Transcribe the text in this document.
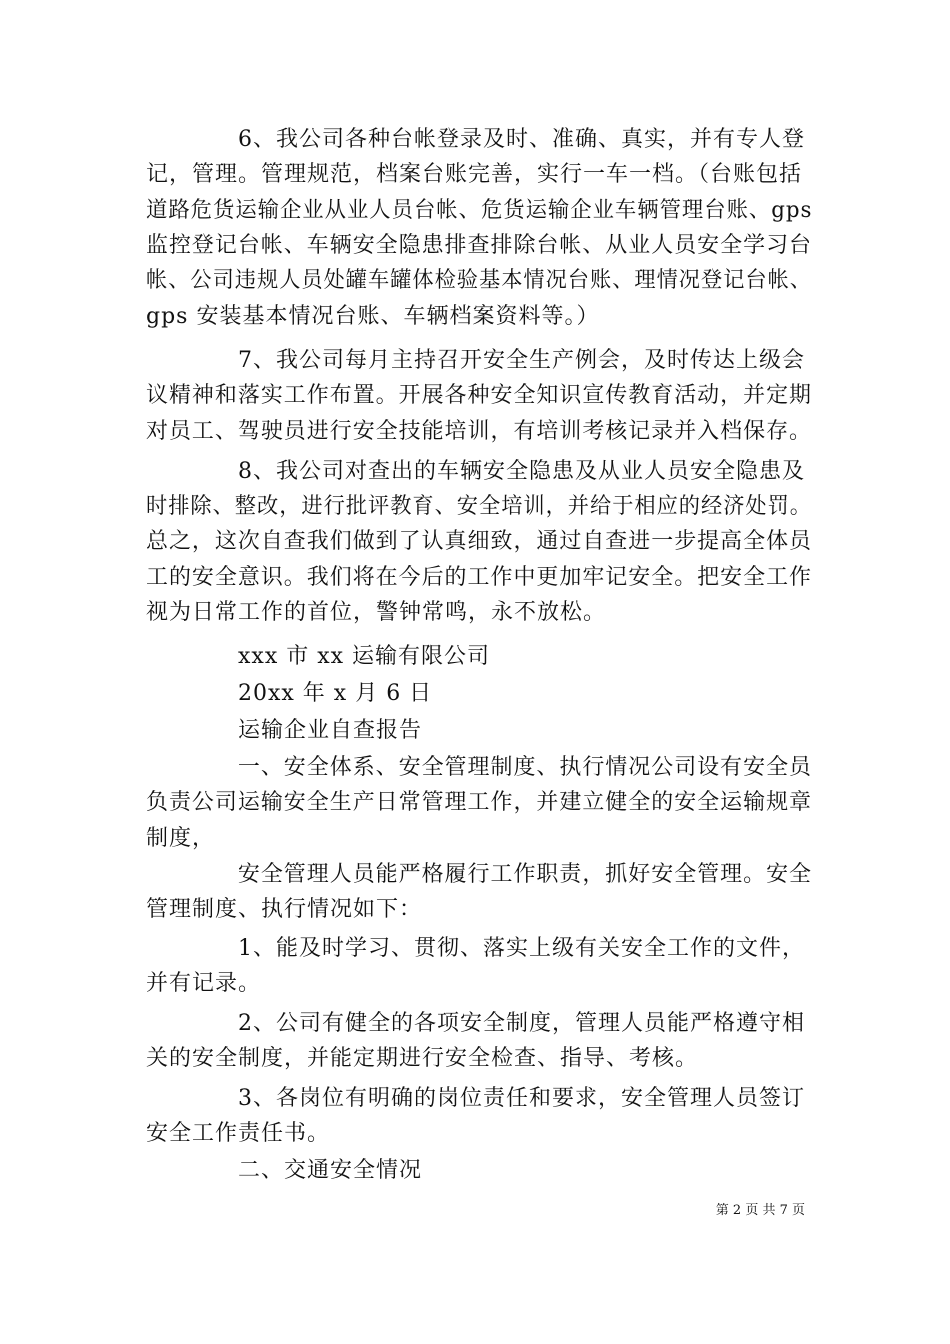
　　　　6、我公司各种台帐登录及时、准确、真实，并有专人登
记，管理。管理规范，档案台账完善，实行一车一档。（台账包括
道路危货运输企业从业人员台帐、危货运输企业车辆管理台账、gps
监控登记台帐、车辆安全隐患排查排除台帐、从业人员安全学习台
帐、公司违规人员处罐车罐体检验基本情况台账、理情况登记台帐、
gps 安装基本情况台账、车辆档案资料等。）
　　　　7、我公司每月主持召开安全生产例会，及时传达上级会
议精神和落实工作布置。开展各种安全知识宣传教育活动，并定期
对员工、驾驶员进行安全技能培训，有培训考核记录并入档保存。
　　　　8、我公司对查出的车辆安全隐患及从业人员安全隐患及
时排除、整改，进行批评教育、安全培训，并给于相应的经济处罚。
总之，这次自查我们做到了认真细致，通过自查进一步提高全体员
工的安全意识。我们将在今后的工作中更加牢记安全。把安全工作
视为日常工作的首位，警钟常鸣，永不放松。
　　　　xxx 市 xx 运输有限公司
　　　　20xx 年 x 月 6 日
　　　　运输企业自查报告
　　　　一、安全体系、安全管理制度、执行情况公司设有安全员
负责公司运输安全生产日常管理工作，并建立健全的安全运输规章
制度，
　　　　安全管理人员能严格履行工作职责，抓好安全管理。安全
管理制度、执行情况如下：
　　　　1、能及时学习、贯彻、落实上级有关安全工作的文件，
并有记录。
　　　　2、公司有健全的各项安全制度，管理人员能严格遵守相
关的安全制度，并能定期进行安全检查、指导、考核。
　　　　3、各岗位有明确的岗位责任和要求，安全管理人员签订
安全工作责任书。
　　　　二、交通安全情况
第 2 页 共 7 页
